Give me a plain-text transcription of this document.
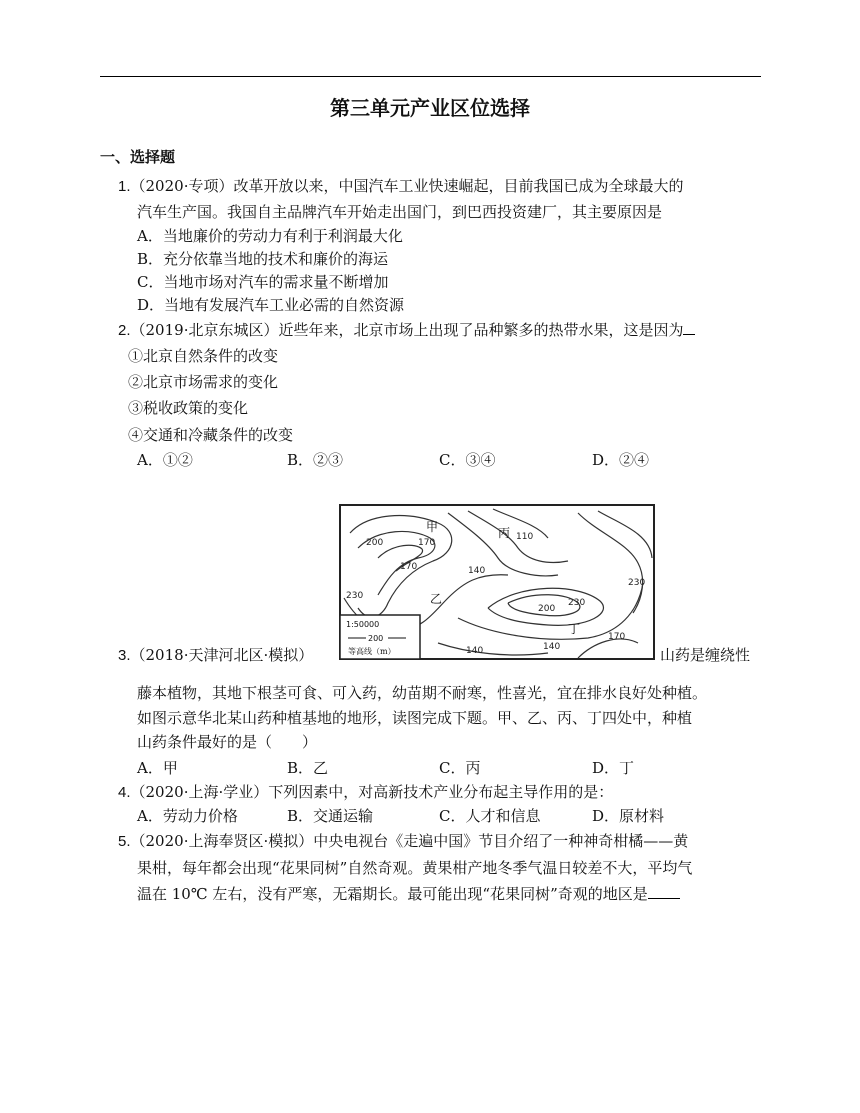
第三单元产业区位选择
一、选择题
1.（2020·专项）改革开放以来，中国汽车工业快速崛起，目前我国已成为全球最大的
汽车生产国。我国自主品牌汽车开始走出国门，到巴西投资建厂，其主要原因是
A．当地廉价的劳动力有利于利润最大化
B．充分依靠当地的技术和廉价的海运
C．当地市场对汽车的需求量不断增加
D．当地有发展汽车工业必需的自然资源
2.（2019·北京东城区）近些年来，北京市场上出现了品种繁多的热带水果，这是因为
①北京自然条件的改变
②北京市场需求的变化
③税收政策的变化
④交通和冷藏条件的改变
A．①②	B．②③	C．③④	D．②④
200	170
170	140
110
230
230
200
170
140
140
230
甲
乙
丙
丁
1:50000
200
等高线（m）
3.（2018·天津河北区·模拟）	山药是缠绕性
藤本植物，其地下根茎可食、可入药，幼苗期不耐寒，性喜光，宜在排水良好处种植。
如图示意华北某山药种植基地的地形，读图完成下题。甲、乙、丙、丁四处中，种植
山药条件最好的是（　　）
A．甲	B．乙	C．丙	D．丁
4.（2020·上海·学业）下列因素中，对高新技术产业分布起主导作用的是：
A．劳动力价格	B．交通运输	C．人才和信息	D．原材料
5.（2020·上海奉贤区·模拟）中央电视台《走遍中国》节目介绍了一种神奇柑橘——黄
果柑，每年都会出现“花果同树”自然奇观。黄果柑产地冬季气温日较差不大，平均气
温在 10℃ 左右，没有严寒，无霜期长。最可能出现“花果同树”奇观的地区是
